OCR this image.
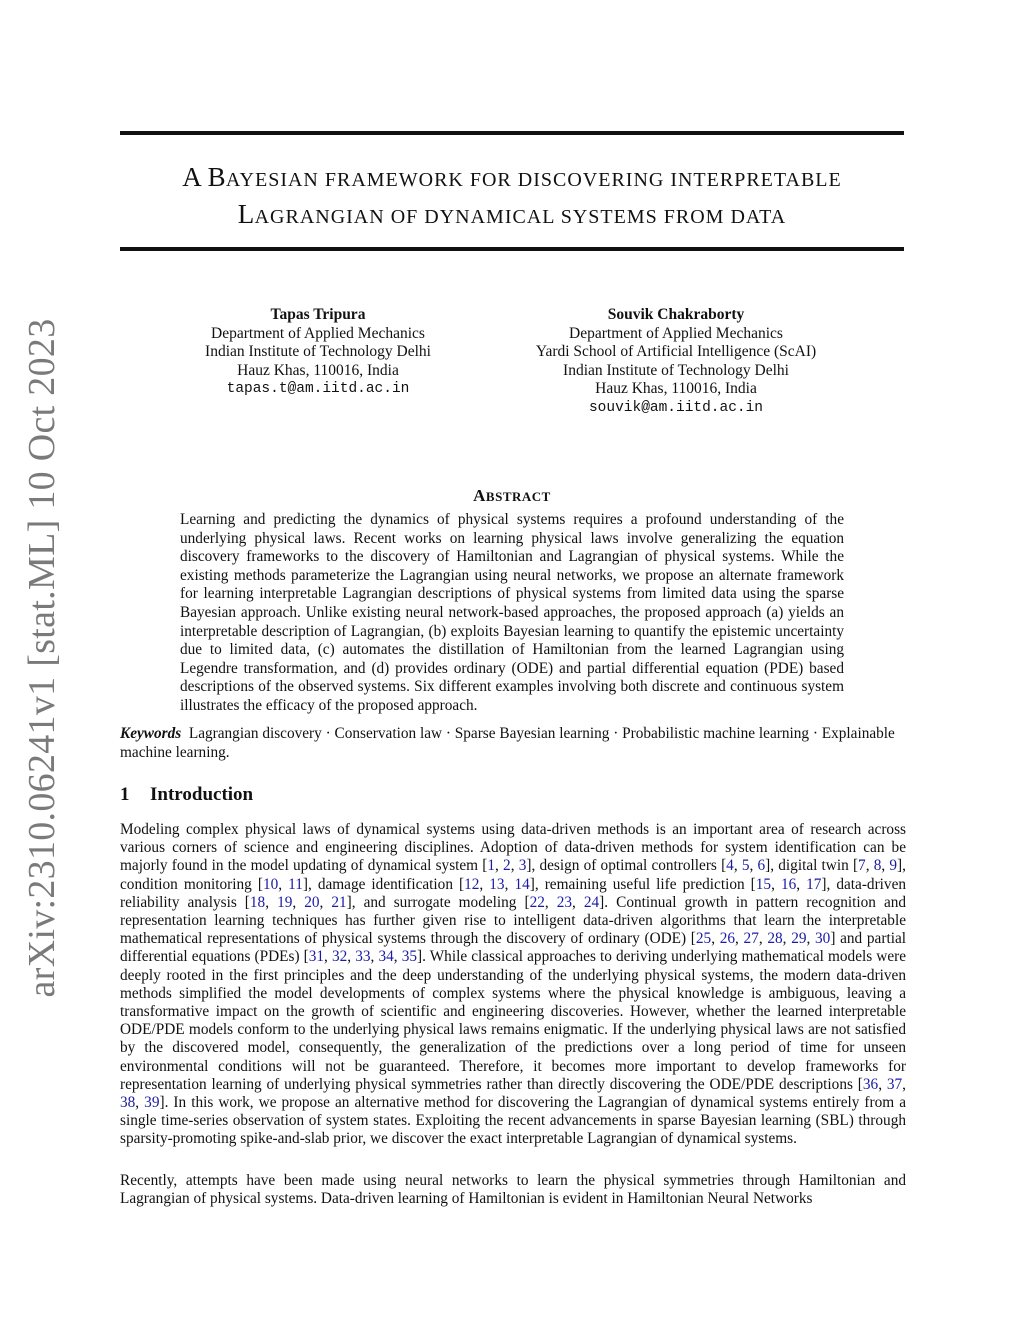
arXiv:2310.06241v1 [stat.ML] 10 Oct 2023
A BAYESIAN FRAMEWORK FOR DISCOVERING INTERPRETABLE
LAGRANGIAN OF DYNAMICAL SYSTEMS FROM DATA
Tapas Tripura
Department of Applied Mechanics
Indian Institute of Technology Delhi
Hauz Khas, 110016, India
tapas.t@am.iitd.ac.in
Souvik Chakraborty
Department of Applied Mechanics
Yardi School of Artificial Intelligence (ScAI)
Indian Institute of Technology Delhi
Hauz Khas, 110016, India
souvik@am.iitd.ac.in
ABSTRACT

Learning and predicting the dynamics of physical systems requires a profound understanding of the underlying physical laws. Recent works on learning physical laws involve generalizing the equation discovery frameworks to the discovery of Hamiltonian and Lagrangian of physical systems. While the existing methods parameterize the Lagrangian using neural networks, we propose an alternate framework for learning interpretable Lagrangian descriptions of physical systems from limited data using the sparse Bayesian approach. Unlike existing neural network-based approaches, the proposed approach (a) yields an interpretable description of Lagrangian, (b) exploits Bayesian learning to quantify the epistemic uncertainty due to limited data, (c) automates the distillation of Hamiltonian from the learned Lagrangian using Legendre transformation, and (d) provides ordinary (ODE) and partial differential equation (PDE) based descriptions of the observed systems. Six different examples involving both discrete and continuous system illustrates the efficacy of the proposed approach.

Keywords Lagrangian discovery · Conservation law · Sparse Bayesian learning · Probabilistic machine learning · Explainable machine learning.

1 Introduction

Modeling complex physical laws of dynamical systems using data-driven methods is an important area of research across various corners of science and engineering disciplines. Adoption of data-driven methods for system identification can be majorly found in the model updating of dynamical system [1, 2, 3], design of optimal controllers [4, 5, 6], digital twin [7, 8, 9], condition monitoring [10, 11], damage identification [12, 13, 14], remaining useful life prediction [15, 16, 17], data-driven reliability analysis [18, 19, 20, 21], and surrogate modeling [22, 23, 24]. Continual growth in pattern recognition and representation learning techniques has further given rise to intelligent data-driven algorithms that learn the interpretable mathematical representations of physical systems through the discovery of ordinary (ODE) [25, 26, 27, 28, 29, 30] and partial differential equations (PDEs) [31, 32, 33, 34, 35]. While classical approaches to deriving underlying mathematical models were deeply rooted in the first principles and the deep understanding of the underlying physical systems, the modern data-driven methods simplified the model developments of complex systems where the physical knowledge is ambiguous, leaving a transformative impact on the growth of scientific and engineering discoveries. However, whether the learned interpretable ODE/PDE models conform to the underlying physical laws remains enigmatic. If the underlying physical laws are not satisfied by the discovered model, consequently, the generalization of the predictions over a long period of time for unseen environmental conditions will not be guaranteed. Therefore, it becomes more important to develop frameworks for representation learning of underlying physical symmetries rather than directly discovering the ODE/PDE descriptions [36, 37, 38, 39]. In this work, we propose an alternative method for discovering the Lagrangian of dynamical systems entirely from a single time-series observation of system states. Exploiting the recent advancements in sparse Bayesian learning (SBL) through sparsity-promoting spike-and-slab prior, we discover the exact interpretable Lagrangian of dynamical systems.

Recently, attempts have been made using neural networks to learn the physical symmetries through Hamiltonian and Lagrangian of physical systems. Data-driven learning of Hamiltonian is evident in Hamiltonian Neural Networks
